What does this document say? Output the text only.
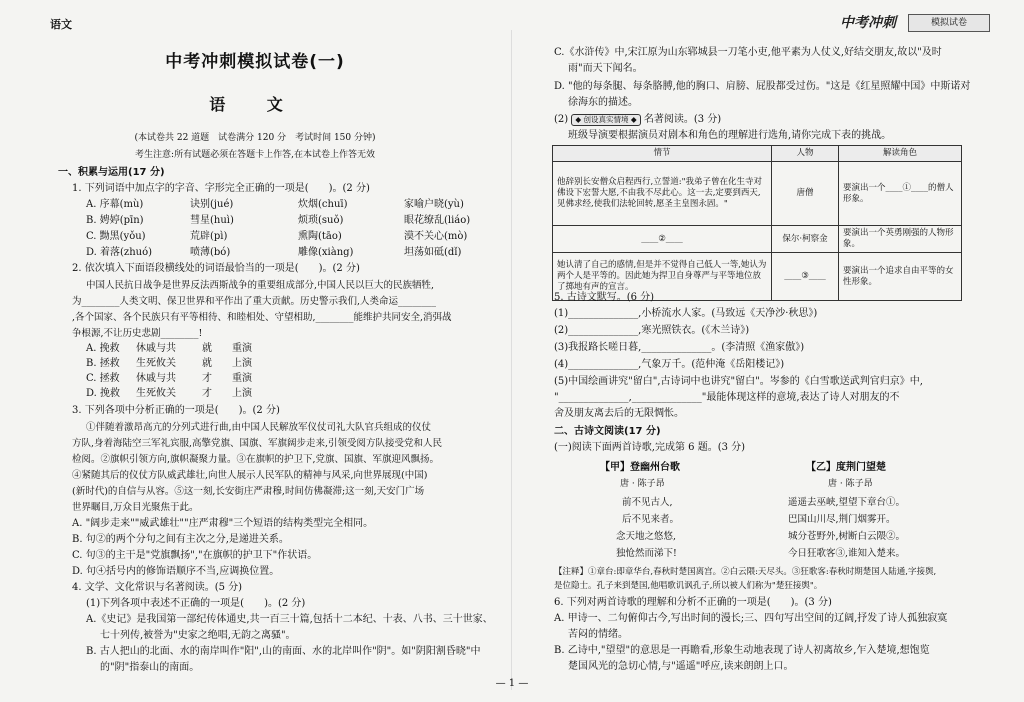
语文	中考冲刺	模拟试卷
中考冲刺模拟试卷(一)
语 文
(本试卷共 22 道题　试卷满分 120 分　考试时间 150 分钟)
考生注意:所有试题必须在答题卡上作答,在本试卷上作答无效
一、积累与运用(17 分)
1. 下列词语中加点字的字音、字形完全正确的一项是(　　)。(2 分)
A. 序幕(mù)	诀别(jué)	炊烟(chuī)	家喻户晓(yù)
B. 娉婷(pīn)	彗星(huì)	烦琐(suǒ)	眼花缭乱(liáo)
C. 黝黑(yǒu)	荒辟(pì)	熏陶(tāo)	漠不关心(mò)
D. 着落(zhuó)	喷薄(bó)	雕像(xiàng)	坦荡如砥(dǐ)
2. 依次填入下面语段横线处的词语最恰当的一项是(　　)。(2 分)
中国人民抗日战争是世界反法西斯战争的重要组成部分,中国人民以巨大的民族牺牲,
为________人类文明、保卫世界和平作出了重大贡献。历史警示我们,人类命运________
,各个国家、各个民族只有平等相待、和睦相处、守望相助,________能维护共同安全,消弭战
争根源,不让历史悲剧________!
A. 挽救 休戚与共	就 重演
B. 拯救 生死攸关	就 上演
C. 拯救 休戚与共	才 重演
D. 挽救 生死攸关	才 上演
3. 下列各项中分析正确的一项是(　　)。(2 分)
①伴随着激昂高亢的分列式进行曲,由中国人民解放军仪仗司礼大队官兵组成的仪仗
方队,身着海陆空三军礼宾服,高擎党旗、国旗、军旗阔步走来,引领受阅方队接受党和人民
检阅。②旗帜引领方向,旗帜凝聚力量。③在旗帜的护卫下,党旗、国旗、军旗迎风飘扬。
④紧随其后的仪仗方队威武雄壮,向世人展示人民军队的精神与风采,向世界展现(中国)
(新时代)的自信与从容。⑤这一刻,长安街庄严肃穆,时间仿佛凝滞;这一刻,天安门广场
世界瞩目,万众目光聚焦于此。
A. "阔步走来""威武雄壮""庄严肃穆"三个短语的结构类型完全相同。
B. 句②的两个分句之间有主次之分,是递进关系。
C. 句③的主干是"党旗飘扬","在旗帜的护卫下"作状语。
D. 句④括号内的修饰语顺序不当,应调换位置。
4. 文学、文化常识与名著阅读。(5 分)
(1)下列各项中表述不正确的一项是(　　)。(2 分)
A.《史记》是我国第一部纪传体通史,共一百三十篇,包括十二本纪、十表、八书、三十世家、
七十列传,被誉为"史家之绝唱,无韵之离骚"。
B. 古人把山的北面、水的南岸叫作"阳",山的南面、水的北岸叫作"阴"。如"阴阳割昏晓"中
的"阴"指泰山的南面。
C.《水浒传》中,宋江原为山东郓城县一刀笔小吏,他平素为人仗义,好结交朋友,故以"及时
雨"而天下闻名。
D. "他的每条腿、每条胳膊,他的胸口、肩膀、屁股都受过伤。"这是《红星照耀中国》中斯诺对
徐海东的描述。
(2) ◆ 创设真实情境 ◆ 名著阅读。(3 分)
班级导演要根据演员对剧本和角色的理解进行选角,请你完成下表的挑战。
情节	人物	解读角色
他辞别长安僧众启程西行,立誓道:"我弟子曾在化生寺对佛设下宏誓大愿,不由我不尽此心。这一去,定要到西天,见佛求经,使我们法轮回转,愿圣主皇图永固。"	唐僧	要演出一个____①____的僧人形象。
____②____	保尔·柯察金	要演出一个英勇刚强的人物形象。
她认清了自己的感情,但是并不觉得自己低人一等,她认为两个人是平等的。因此她为捍卫自身尊严与平等地位放了掷地有声的宣言。	____③____	要演出一个追求自由平等的女性形象。
5. 古诗文默写。(6 分)
(1)______________,小桥流水人家。(马致远《天净沙·秋思》)
(2)______________,寒光照铁衣。(《木兰诗》)
(3)我报路长嗟日暮,______________。(李清照《渔家傲》)
(4)______________,气象万千。(范仲淹《岳阳楼记》)
(5)中国绘画讲究"留白",古诗词中也讲究"留白"。岑参的《白雪歌送武判官归京》中,
"______________,______________"最能体现这样的意境,表达了诗人对朋友的不
舍及朋友离去后的无限惆怅。
二、古诗文阅读(17 分)
(一)阅读下面两首诗歌,完成第 6 题。(3 分)
【甲】登幽州台歌
唐 · 陈子昂
前不见古人,
后不见来者。
念天地之悠悠,
独怆然而涕下!
【乙】度荆门望楚
唐 · 陈子昂
遥遥去巫峡,望望下章台①。
巴国山川尽,荆门烟雾开。
城分苍野外,树断白云隈②。
今日狂歌客③,谁知入楚来。
【注释】①章台:即章华台,春秋时楚国离宫。②白云隈:天尽头。③狂歌客:春秋时期楚国人陆通,字接舆,
是位隐士。孔子来到楚国,他唱歌讥讽孔子,所以被人们称为"楚狂接舆"。
6. 下列对两首诗歌的理解和分析不正确的一项是(　　)。(3 分)
A. 甲诗一、二句俯仰古今,写出时间的漫长;三、四句写出空间的辽阔,抒发了诗人孤独寂寞
苦闷的情绪。
B. 乙诗中,"望望"的意思是一再瞻看,形象生动地表现了诗人初离故乡,乍入楚境,想饱览
楚国风光的急切心情,与"遥遥"呼应,读来朗朗上口。
— 1 —
